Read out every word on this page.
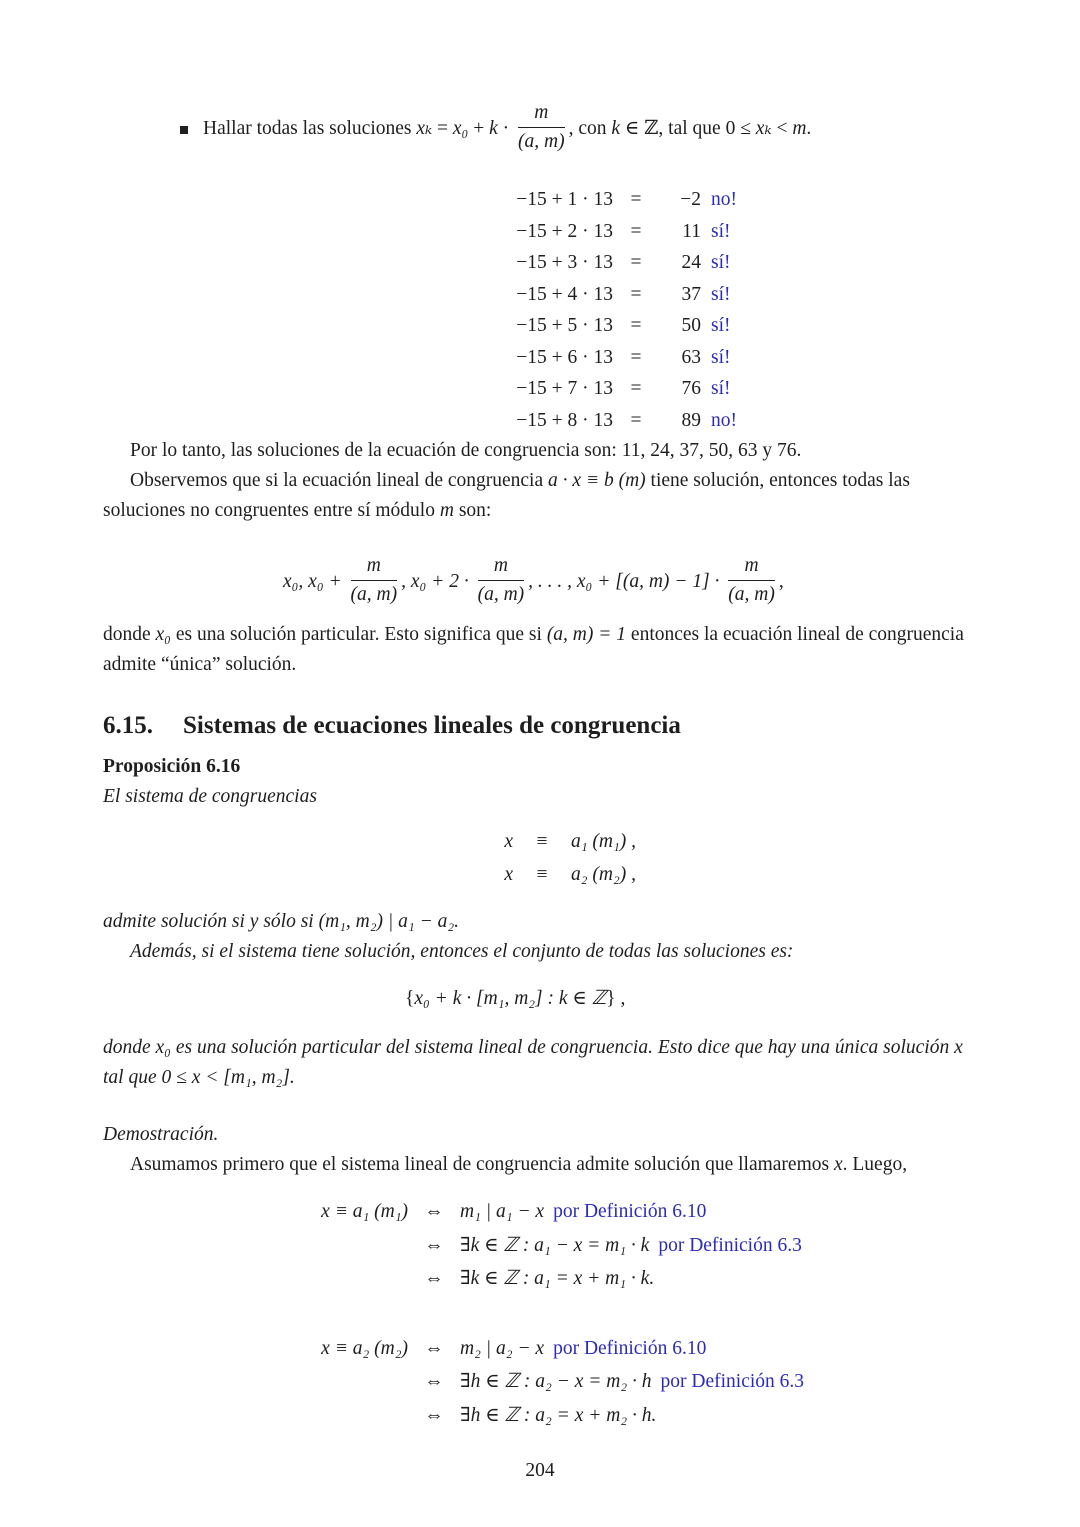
Hallar todas las soluciones $x_k = x_0 + k \cdot \frac{m}{(a, m)}$ , con k ∈ ℤ, tal que 0 ≤ xₖ < m.
−15 + 1 · 13 =	−2 no!
−15 + 2 · 13 =	11 sí!
−15 + 3 · 13 =	24 sí!
−15 + 4 · 13 =	37 sí!
−15 + 5 · 13 =	50 sí!
−15 + 6 · 13 =	63 sí!
−15 + 7 · 13 =	76 sí!
−15 + 8 · 13 =	89 no!

Por lo tanto, las soluciones de la ecuación de congruencia son: 11, 24, 37, 50, 63 y 76.

Observemos que si la ecuación lineal de congruencia a · x ≡ b (m) tiene solución, entonces todas las soluciones no congruentes entre sí módulo m son:

x₀, $x_0 + \frac{m}{(a, m)}$ , $x_0 + 2 \cdot \frac{m}{(a, m)}$ , . . . , x₀ + [(a, $m) - 1] \cdot \frac{m}{(a, m)}$ ,

donde x₀ es una solución particular. Esto significa que si (a, m) = 1 entonces la ecuación lineal de congruencia admite “única” solución.

6.15. Sistemas de ecuaciones lineales de congruencia

Proposición 6.16

El sistema de congruencias

x	≡	a₁ (m₁) ,
x	≡	a₂ (m₂) ,

admite solución si y sólo si (m₁, m₂) | a₁ − a₂.

Además, si el sistema tiene solución, entonces el conjunto de todas las soluciones es:

{x₀ + k · [m₁, m₂] : k ∈ ℤ} ,

donde x₀ es una solución particular del sistema lineal de congruencia. Esto dice que hay una única solución x tal que 0 ≤ x < [m₁, m₂].

Demostración.

Asumamos primero que el sistema lineal de congruencia admite solución que llamaremos x. Luego,

x ≡ a₁ (m₁) ⇔ m₁ | a₁ − x por Definición 6.10
⇔ ∃k ∈ ℤ : a₁ − x = m₁ · k por Definición 6.3
⇔ ∃k ∈ ℤ : a₁ = x + m₁ · k.
x ≡ a₂ (m₂) ⇔ m₂ | a₂ − x por Definición 6.10
⇔ ∃h ∈ ℤ : a₂ − x = m₂ · h por Definición 6.3
⇔ ∃h ∈ ℤ : a₂ = x + m₂ · h.
204
